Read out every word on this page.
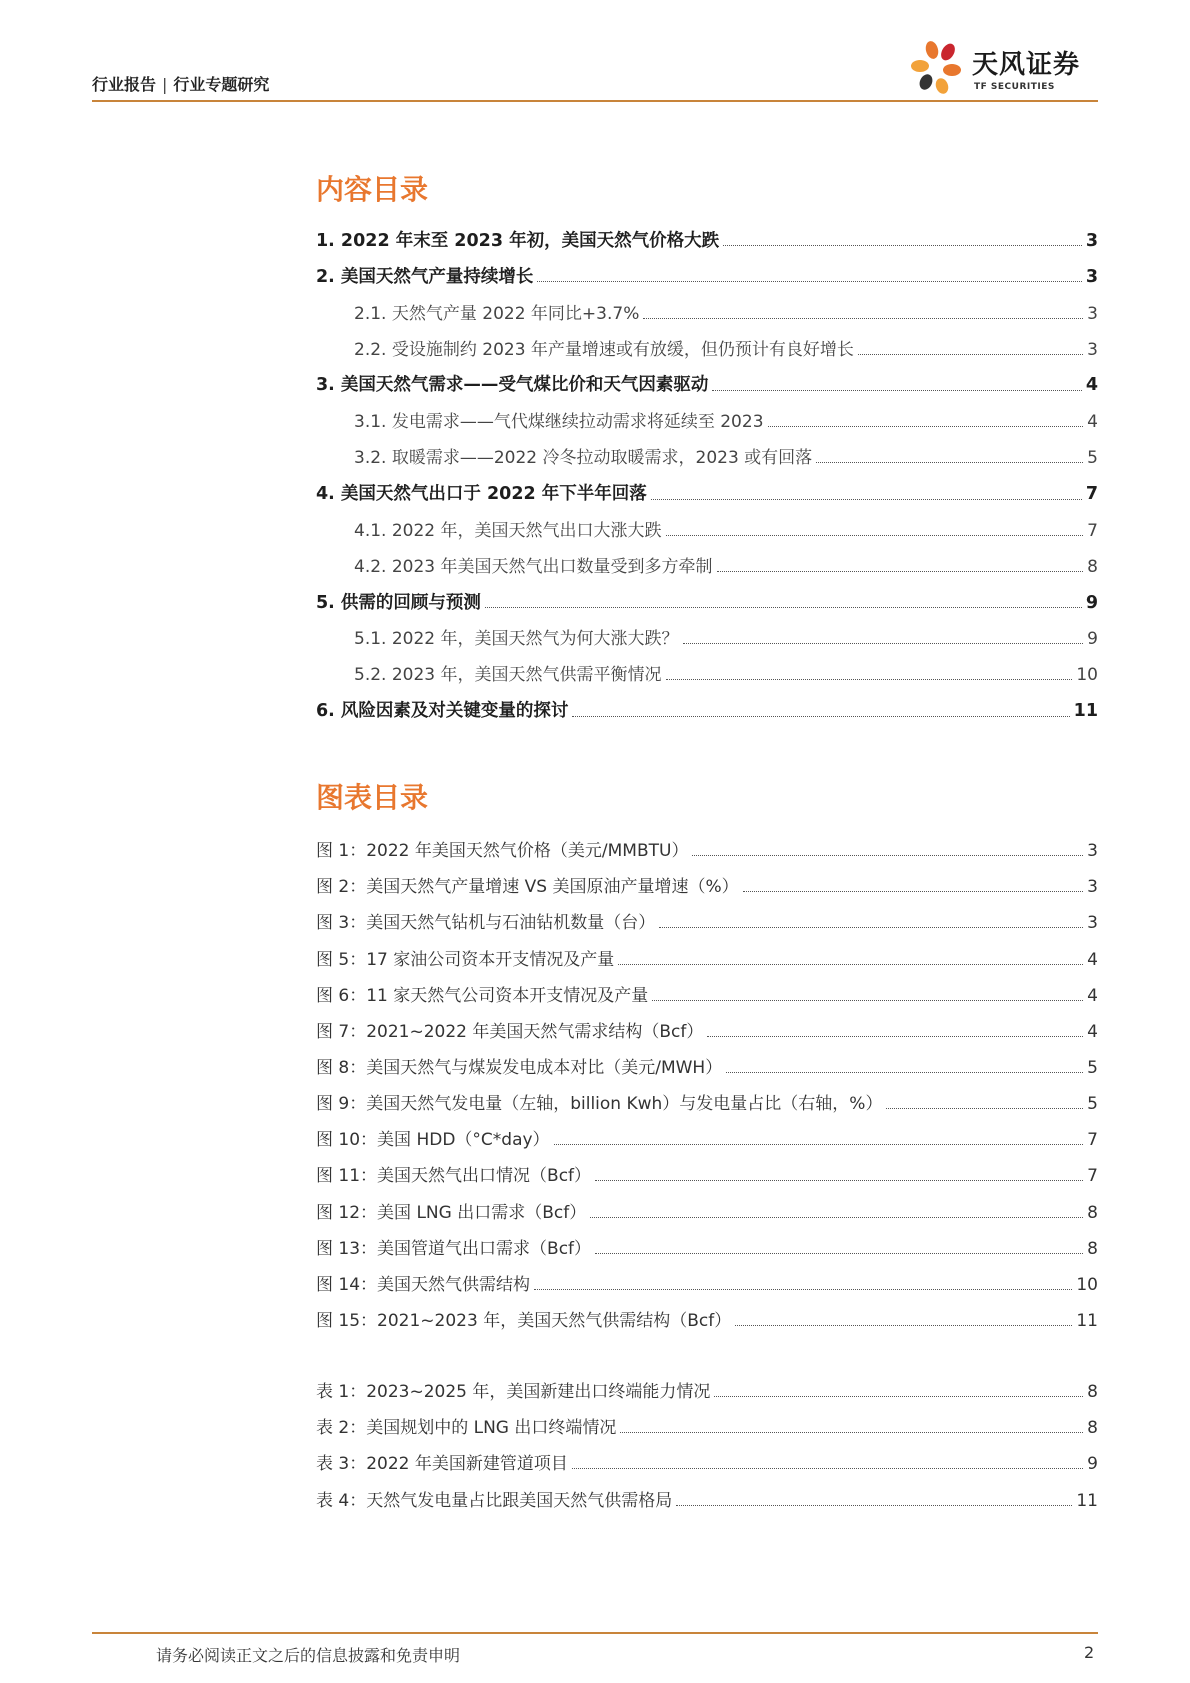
行业报告 | 行业专题研究
天风证券
TF SECURITIES
内容目录
1. 2022 年末至 2023 年初，美国天然气价格大跌	3
2. 美国天然气产量持续增长	3
2.1. 天然气产量 2022 年同比+3.7%	3
2.2. 受设施制约 2023 年产量增速或有放缓，但仍预计有良好增长	3
3. 美国天然气需求——受气煤比价和天气因素驱动	4
3.1. 发电需求——气代煤继续拉动需求将延续至 2023	4
3.2. 取暖需求——2022 冷冬拉动取暖需求，2023 或有回落	5
4. 美国天然气出口于 2022 年下半年回落	7
4.1. 2022 年，美国天然气出口大涨大跌	7
4.2. 2023 年美国天然气出口数量受到多方牵制	8
5. 供需的回顾与预测	9
5.1. 2022 年，美国天然气为何大涨大跌？	9
5.2. 2023 年，美国天然气供需平衡情况	10
6. 风险因素及对关键变量的探讨	11
图表目录
图 1：2022 年美国天然气价格（美元/MMBTU）	3
图 2：美国天然气产量增速 VS 美国原油产量增速（%）	3
图 3：美国天然气钻机与石油钻机数量（台）	3
图 5：17 家油公司资本开支情况及产量	4
图 6：11 家天然气公司资本开支情况及产量	4
图 7：2021~2022 年美国天然气需求结构（Bcf）	4
图 8：美国天然气与煤炭发电成本对比（美元/MWH）	5
图 9：美国天然气发电量（左轴，billion Kwh）与发电量占比（右轴，%）	5
图 10：美国 HDD（°C*day）	7
图 11：美国天然气出口情况（Bcf）	7
图 12：美国 LNG 出口需求（Bcf）	8
图 13：美国管道气出口需求（Bcf）	8
图 14：美国天然气供需结构	10
图 15：2021~2023 年，美国天然气供需结构（Bcf）	11
表 1：2023~2025 年，美国新建出口终端能力情况	8
表 2：美国规划中的 LNG 出口终端情况	8
表 3：2022 年美国新建管道项目	9
表 4：天然气发电量占比跟美国天然气供需格局	11
请务必阅读正文之后的信息披露和免责申明	2
